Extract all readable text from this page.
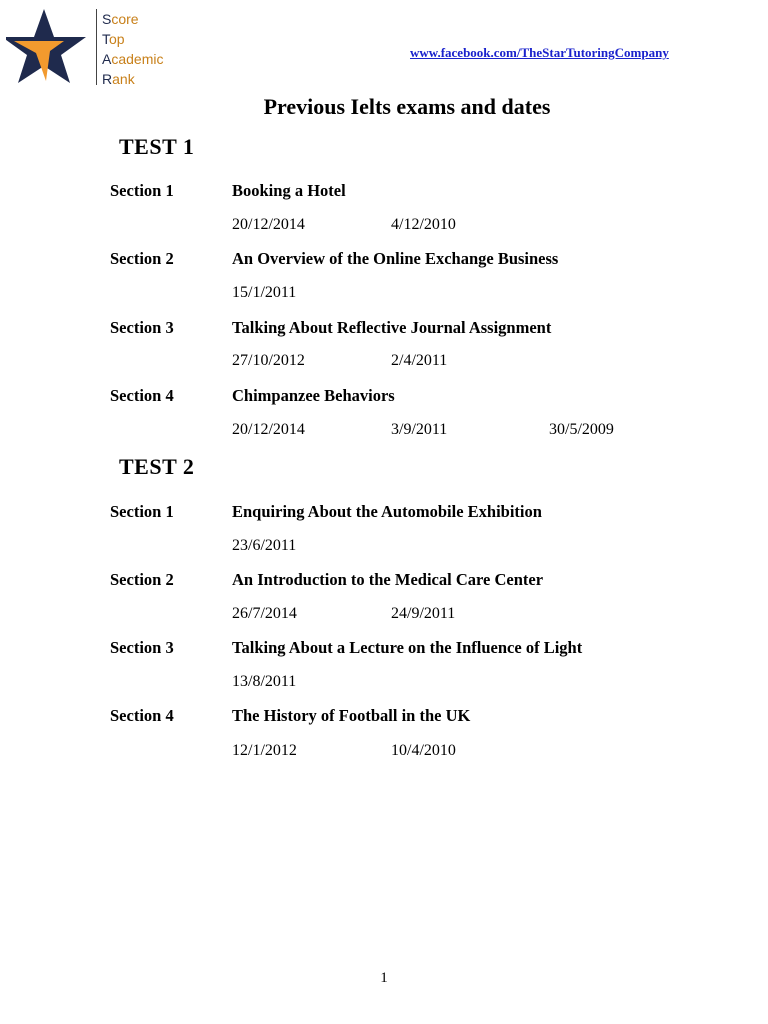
Score
Top
Academic
Rank
www.facebook.com/TheStarTutoringCompany
Previous Ielts exams and dates
TEST 1
Section 1	Booking a Hotel
20/12/2014	4/12/2010
Section 2	An Overview of the Online Exchange Business
15/1/2011
Section 3	Talking About Reflective Journal Assignment
27/10/2012	2/4/2011
Section 4	Chimpanzee Behaviors
20/12/2014	3/9/2011	30/5/2009
TEST 2
Section 1	Enquiring About the Automobile Exhibition
23/6/2011
Section 2	An Introduction to the Medical Care Center
26/7/2014	24/9/2011
Section 3	Talking About a Lecture on the Influence of Light
13/8/2011
Section 4	The History of Football in the UK
12/1/2012	10/4/2010
1
